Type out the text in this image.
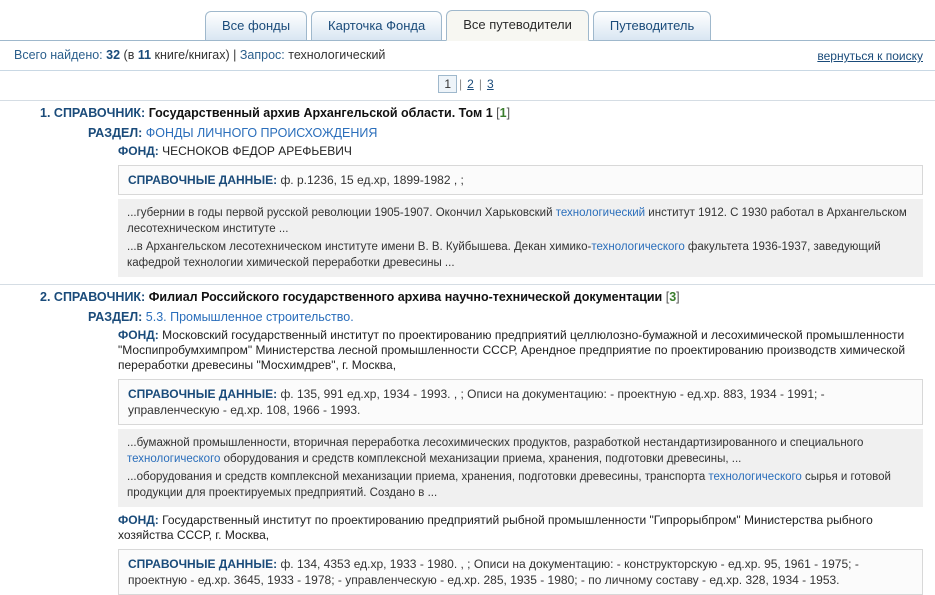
Все фонды	Карточка Фонда	Все путеводители	Путеводитель
Всего найдено: 32 (в 11 книге/книгах) | Запрос: технологический	вернуться к поиску
1 | 2 | 3
1. СПРАВОЧНИК: Государственный архив Архангельской области. Том 1 [1]
РАЗДЕЛ: ФОНДЫ ЛИЧНОГО ПРОИСХОЖДЕНИЯ
ФОНД: ЧЕСНОКОВ ФЕДОР АРЕФЬЕВИЧ
СПРАВОЧНЫЕ ДАННЫЕ: ф. р.1236, 15 ед.хр, 1899-1982 , ;
...губернии в годы первой русской революции 1905-1907. Окончил Харьковский технологический институт 1912. С 1930 работал в Архангельском лесотехническом институте ...
...в Архангельском лесотехническом институте имени В. В. Куйбышева. Декан химико-технологического факультета 1936-1937, заведующий кафедрой технологии химической переработки древесины ...
2. СПРАВОЧНИК: Филиал Российского государственного архива научно-технической документации [3]
РАЗДЕЛ: 5.3. Промышленное строительство.
ФОНД: Московский государственный институт по проектированию предприятий целлюлозно-бумажной и лесохимической промышленности "Моспипробумхимпром" Министерства лесной промышленности СССР, Арендное предприятие по проектированию производств химической переработки древесины "Мосхимдрев", г. Москва,
СПРАВОЧНЫЕ ДАННЫЕ: ф. 135, 991 ед.хр, 1934 - 1993. , ; Описи на документацию: - проектную - ед.хр. 883, 1934 - 1991; - управленческую - ед.хр. 108, 1966 - 1993.
...бумажной промышленности, вторичная переработка лесохимических продуктов, разработкой нестандартизированного и специального технологического оборудования и средств комплексной механизации приема, хранения, подготовки древесины, ...
...оборудования и средств комплексной механизации приема, хранения, подготовки древесины, транспорта технологического сырья и готовой продукции для проектируемых предприятий. Создано в ...
ФОНД: Государственный институт по проектированию предприятий рыбной промышленности "Гипрорыбпром" Министерства рыбного хозяйства СССР, г. Москва,
СПРАВОЧНЫЕ ДАННЫЕ: ф. 134, 4353 ед.хр, 1933 - 1980. , ; Описи на документацию: - конструкторскую - ед.хр. 95, 1961 - 1975; - проектную - ед.хр. 3645, 1933 - 1978; - управленческую - ед.хр. 285, 1935 - 1980; - по личному составу - ед.хр. 328, 1934 - 1953.
